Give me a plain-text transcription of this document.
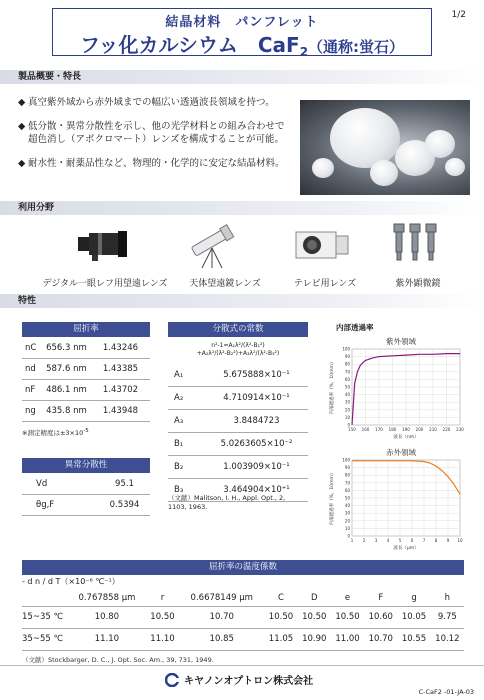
1/2
結晶材料　パンフレット
フッ化カルシウム　CaF$_2$（通称:蛍石）
製品概要・特長
◆ 真空紫外域から赤外域までの幅広い透過波長領域を持つ。
◆ 低分散・異常分散性を示し、他の光学材料との組み合わせで
超色消し（アポクロマート）レンズを構成することが可能。
◆ 耐水性・耐薬品性など、物理的・化学的に安定な結晶材料。
利用分野
デジタル一眼レフ用望遠レンズ	天体望遠鏡レンズ	テレビ用レンズ	紫外顕微鏡
特性
屈折率
nC	656.3 nm	1.43246
nd	587.6 nm	1.43385
nF	486.1 nm	1.43702
ng	435.8 nm	1.43948
※測定精度は$\pm 3\times 10^{-5}$
異常分散性
Vd	95.1
θg,F	0.5394
分散式の常数
n²-1=A₁λ²/(λ²-B₁²)
+A₂λ²/(λ²-B₂²)+A₃λ²/(λ²-B₃²)
A₁	5.675888×10⁻¹
A₂	4.710914×10⁻¹
A₃	3.8484723
B₁	5.0263605×10⁻²
B₂	1.003909×10⁻¹
B₃	3.464904×10⁺¹
（文献）Malitson, I. H., Appl. Opt., 2,
1103, 1963.
内部透過率
紫外領域
0
10
20
30
40
50
60
70
80
90
100
150 160 170 180 190 200 210 220 230
波長（nm）
内部透過率（%，10mm）
赤外領域
0
10
20
30
40
50
60
70
80
90
100
1 2 3 4 5 6 7 8 9 10
波長（μm）
内部透過率（%，10mm）
屈折率の温度係数
- d n / d T（×10⁻⁶ ℃⁻¹）
	0.767858 μm	r	0.6678149 μm	C	D	e	F	g	h
15~35 ℃	10.80	10.50	10.70	10.50	10.50	10.50	10.60	10.05	9.75
35~55 ℃	11.10	11.10	10.85	11.05	10.90	11.00	10.70	10.55	10.12
（文献）Stockbarger, D. C., J. Opt. Soc. Am., 39, 731, 1949.
キヤノンオプトロン株式会社
C-CaF2 -01-JA-03
